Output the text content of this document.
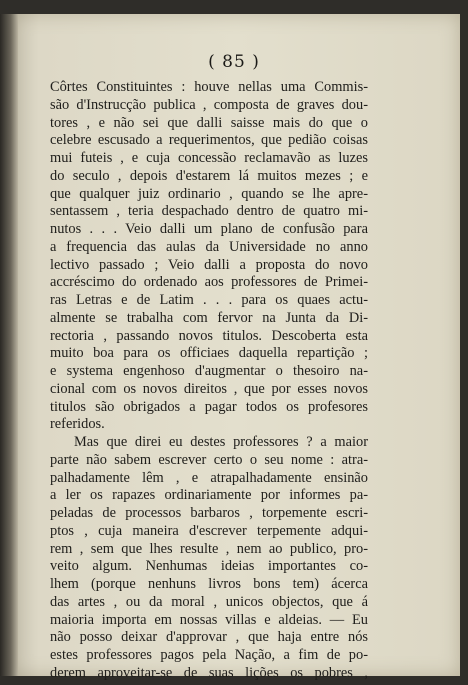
( 85 )
Côrtes Constituintes : houve nellas uma Commis-
são d'Instrucção publica , composta de graves dou-
tores , e não sei que dalli saisse mais do que o
celebre escusado a requerimentos, que pedião coisas
mui futeis , e cuja concessão reclamavão as luzes
do seculo , depois d'estarem lá muitos mezes ; e
que qualquer juiz ordinario , quando se lhe apre-
sentassem , teria despachado dentro de quatro mi-
nutos . . . Veio dalli um plano de confusão para
a frequencia das aulas da Universidade no anno
lectivo passado ; Veio dalli a proposta do novo
accréscimo do ordenado aos professores de Primei-
ras Letras e de Latim . . . para os quaes actu-
almente se trabalha com fervor na Junta da Di-
rectoria , passando novos titulos. Descoberta esta
muito boa para os officiaes daquella repartição ;
e systema engenhoso d'augmentar o thesoiro na-
cional com os novos direitos , que por esses novos
titulos são obrigados a pagar todos os profesores
referidos.
Mas que direi eu destes professores ? a maior
parte não sabem escrever certo o seu nome : atra-
palhadamente lêm , e atrapalhadamente ensinão
a ler os rapazes ordinariamente por informes pa-
peladas de processos barbaros , torpemente escri-
ptos , cuja maneira d'escrever terpemente adqui-
rem , sem que lhes resulte , nem ao publico, pro-
veito algum. Nenhumas ideias importantes co-
lhem (porque nenhuns livros bons tem) ácerca
das artes , ou da moral , unicos objectos, que á
maioria importa em nossas villas e aldeias. — Eu
não posso deixar d'approvar , que haja entre nós
estes professores pagos pela Nação, a fim de po-
derem aproveitar-se de suas lições os pobres ,
